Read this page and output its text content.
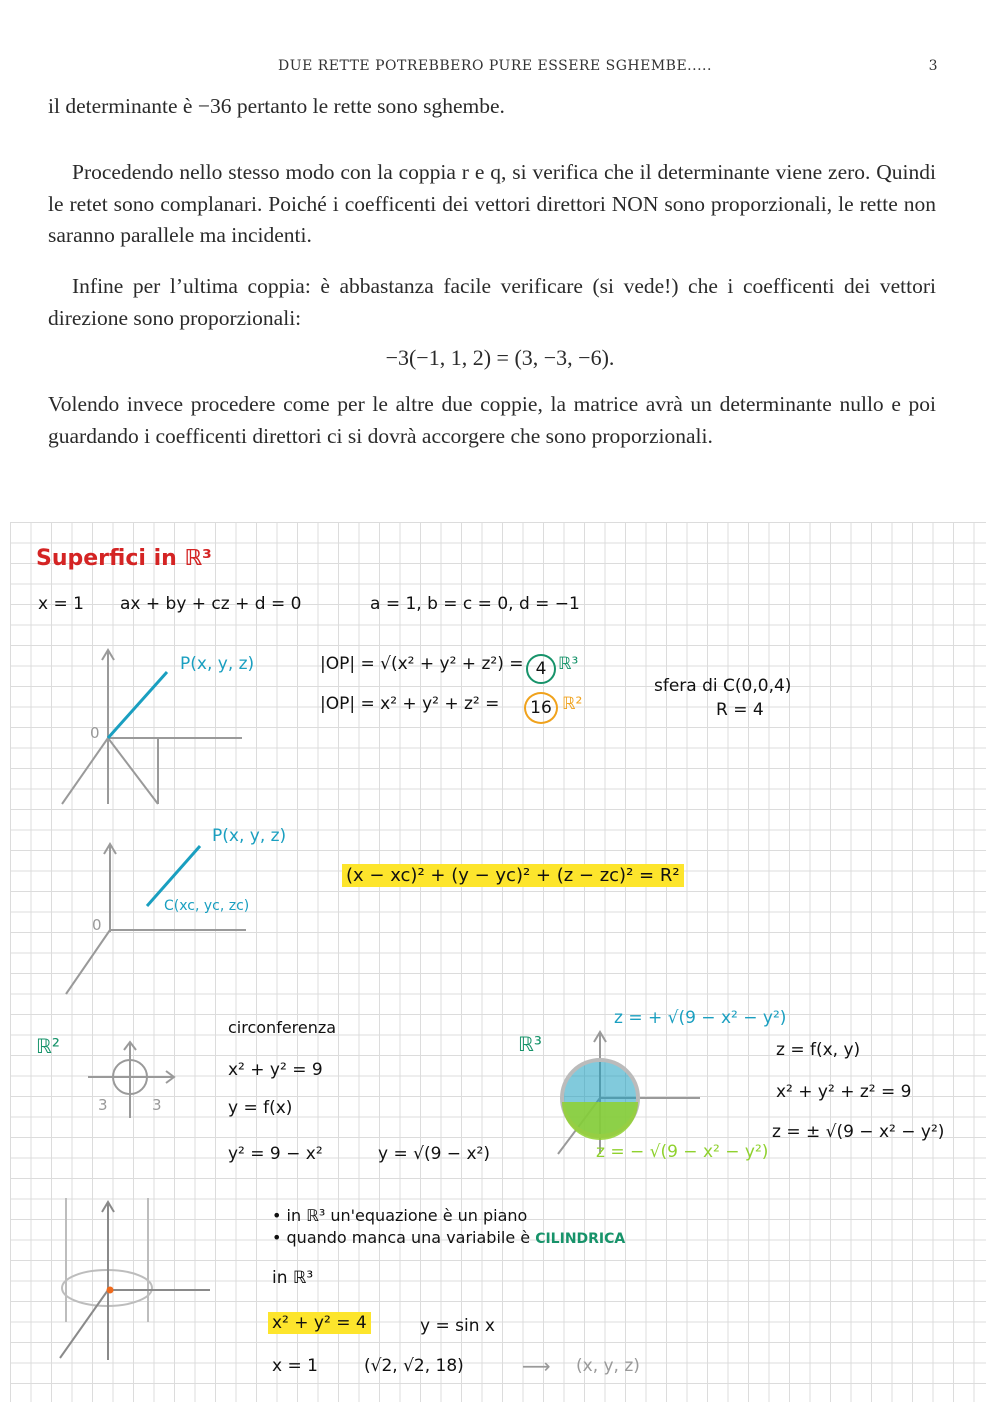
DUE RETTE POTREBBERO PURE ESSERE SGHEMBE.....	3

il determinante è −36 pertanto le rette sono sghembe.

Procedendo nello stesso modo con la coppia r e q, si verifica che il determinante viene zero. Quindi le retet sono complanari. Poiché i coefficenti dei vettori direttori NON sono proporzionali, le rette non saranno parallele ma incidenti.

Infine per l’ultima coppia: è abbastanza facile verificare (si vede!) che i coefficenti dei vettori direzione sono proporzionali:

−3(−1, 1, 2) = (3, −3, −6).

Volendo invece procedere come per le altre due coppie, la matrice avrà un determinante nullo e poi guardando i coefficenti direttori ci si dovrà accorgere che sono proporzionali.

Superfici in ℝ³
x = 1 ax + by + cz + d = 0	a = 1, b = c = 0, d = −1
P(x, y, z)
0
|OP| = √(x² + y² + z²) = 4 ℝ³
|OP| = x² + y² + z² =	16 ℝ²
sfera di C(0,0,4)
R = 4
P(x, y, z)
C(xc, yc, zc)
0
(x − xc)² + (y − yc)² + (z − zc)² = R²
ℝ²
3	3
circonferenza
x² + y² = 9
y = f(x)
y² = 9 − x²	y = √(9 − x²)
ℝ³
z = + √(9 − x² − y²)
z = − √(9 − x² − y²)
z = f(x, y)
x² + y² + z² = 9
z = ± √(9 − x² − y²)
• in ℝ³ un'equazione è un piano
• quando manca una variabile è CILINDRICA
in ℝ³
x² + y² = 4	y = sin x
x = 1	(√2, √2, 18)	⟶ (x, y, z)
